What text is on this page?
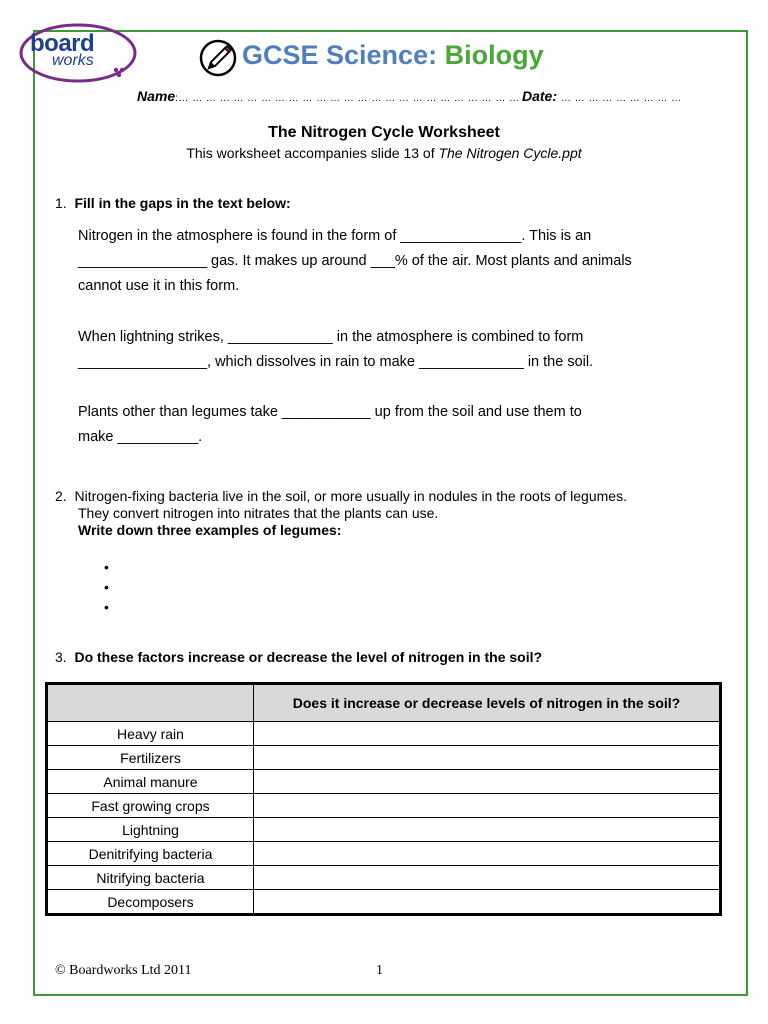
board
works	GCSE Science: Biology
Name:… … … … … … … … … … … … … … … … … … … … … … … … … .
Date: … … … … … … … … …
The Nitrogen Cycle Worksheet
This worksheet accompanies slide 13 of The Nitrogen Cycle.ppt
1.  Fill in the gaps in the text below:
Nitrogen in the atmosphere is found in the form of _______________. This is an
________________ gas. It makes up around ___% of the air. Most plants and animals
cannot use it in this form.
When lightning strikes, _____________ in the atmosphere is combined to form
________________, which dissolves in rain to make _____________ in the soil.
Plants other than legumes take ___________ up from the soil and use them to
make __________.
2.  Nitrogen-fixing bacteria live in the soil, or more usually in nodules in the roots of legumes.
They convert nitrogen into nitrates that the plants can use.
Write down three examples of legumes:
•
•
•
3.  Do these factors increase or decrease the level of nitrogen in the soil?
	Does it increase or decrease levels of nitrogen in the soil?
Heavy rain	
Fertilizers	
Animal manure	
Fast growing crops	
Lightning	
Denitrifying bacteria	
Nitrifying bacteria	
Decomposers	
© Boardworks Ltd 2011	1
